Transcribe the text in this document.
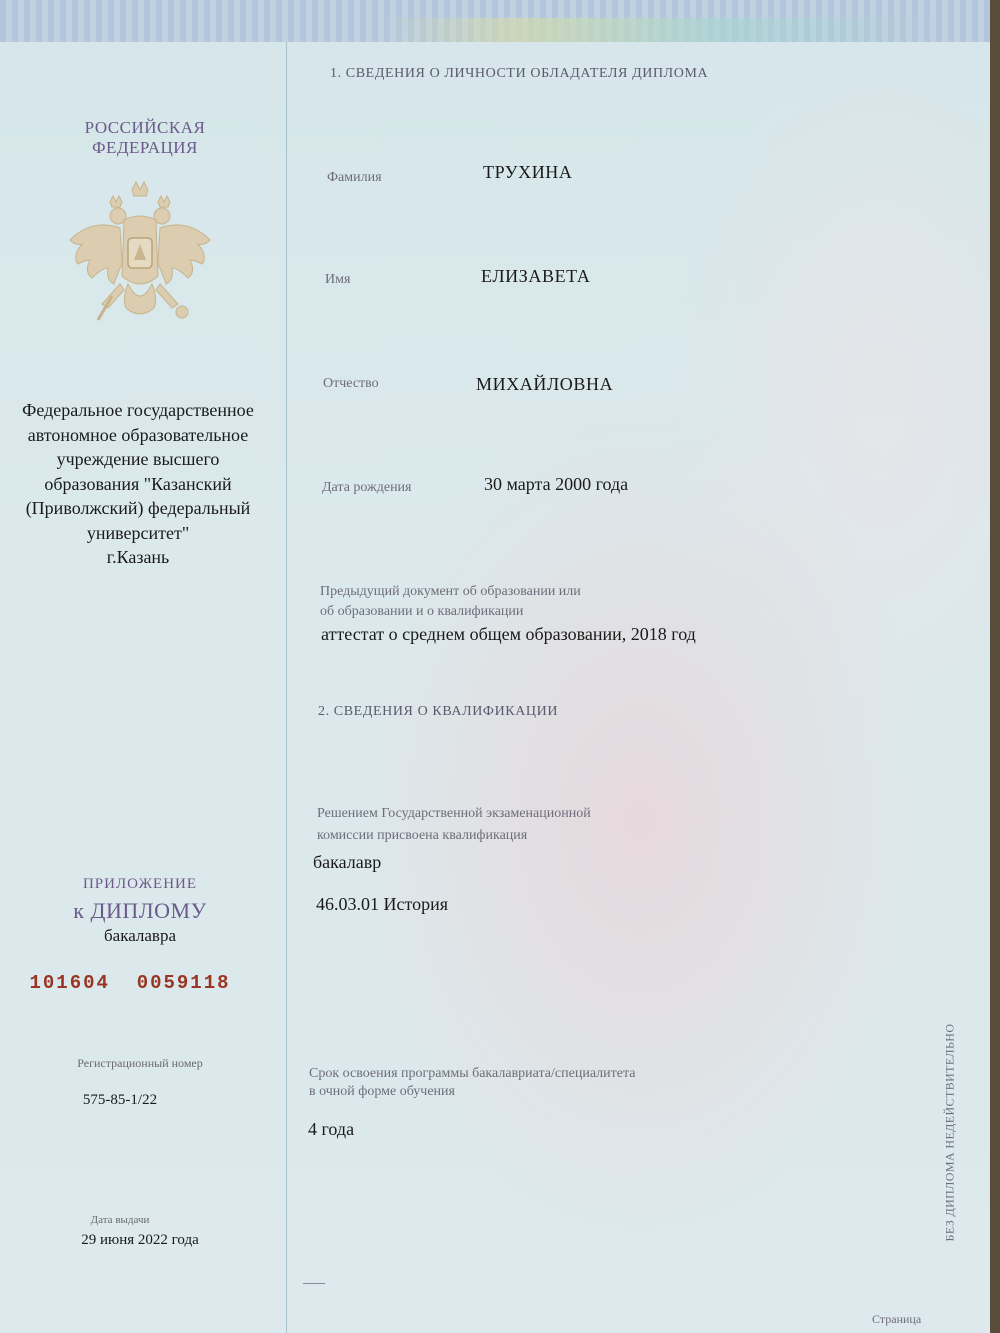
РОССИЙСКАЯ
ФЕДЕРАЦИЯ
Федеральное государственное
автономное образовательное
учреждение высшего
образования "Казанский
(Приволжский) федеральный
университет"
г.Казань
ПРИЛОЖЕНИЕ
к ДИПЛОМУ
бакалавра
101604  0059118
Регистрационный номер
575-85-1/22
Дата выдачи
29 июня 2022 года
1. СВЕДЕНИЯ О ЛИЧНОСТИ ОБЛАДАТЕЛЯ ДИПЛОМА
Фамилия	ТРУХИНА
Имя	ЕЛИЗАВЕТА
Отчество	МИХАЙЛОВНА
Дата рождения	30 марта 2000 года
Предыдущий документ об образовании или
об образовании и о квалификации
аттестат о среднем общем образовании, 2018 год
2. СВЕДЕНИЯ О КВАЛИФИКАЦИИ
Решением Государственной экзаменационной
комиссии присвоена квалификация
бакалавр
46.03.01 История
Срок освоения программы бакалавриата/специалитета
в очной форме обучения
4 года	БЕЗ ДИПЛОМА НЕДЕЙСТВИТЕЛЬНО
Страница
